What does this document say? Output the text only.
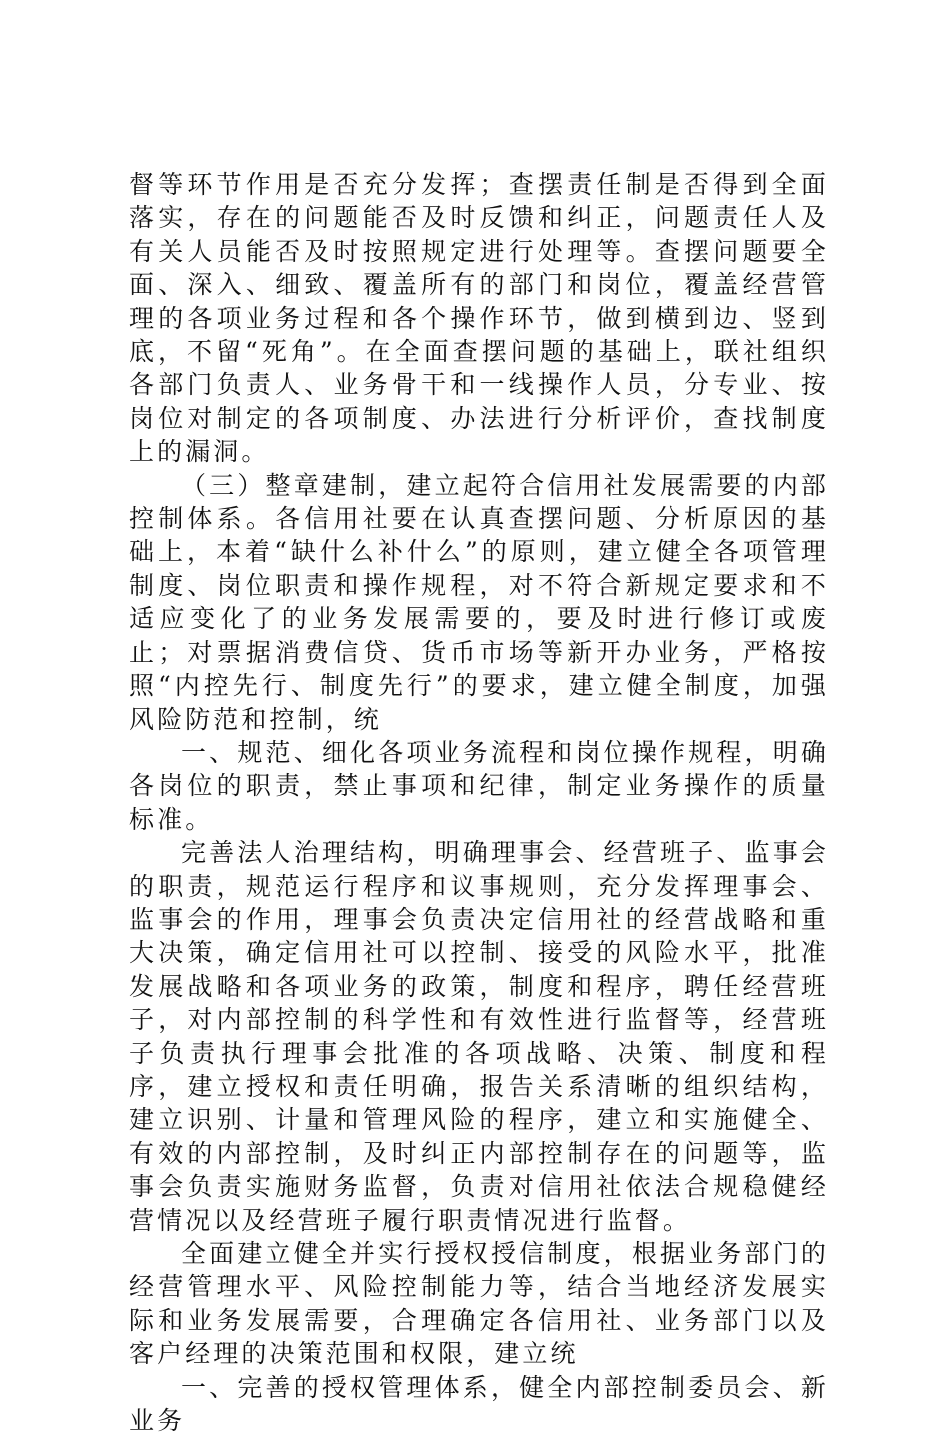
督等环节作用是否充分发挥；查摆责任制是否得到全面落实，存在的问题能否及时反馈和纠正，问题责任人及有关人员能否及时按照规定进行处理等。查摆问题要全面、深入、细致、覆盖所有的部门和岗位，覆盖经营管理的各项业务过程和各个操作环节，做到横到边、竖到底，不留“死角”。在全面查摆问题的基础上，联社组织各部门负责人、业务骨干和一线操作人员，分专业、按岗位对制定的各项制度、办法进行分析评价，查找制度上的漏洞。

（三）整章建制，建立起符合信用社发展需要的内部控制体系。各信用社要在认真查摆问题、分析原因的基础上，本着“缺什么补什么”的原则，建立健全各项管理制度、岗位职责和操作规程，对不符合新规定要求和不适应变化了的业务发展需要的，要及时进行修订或废止；对票据消费信贷、货币市场等新开办业务，严格按照“内控先行、制度先行”的要求，建立健全制度，加强风险防范和控制，统

一、规范、细化各项业务流程和岗位操作规程，明确各岗位的职责，禁止事项和纪律，制定业务操作的质量标准。

完善法人治理结构，明确理事会、经营班子、监事会的职责，规范运行程序和议事规则，充分发挥理事会、监事会的作用，理事会负责决定信用社的经营战略和重大决策，确定信用社可以控制、接受的风险水平，批准发展战略和各项业务的政策，制度和程序，聘任经营班子，对内部控制的科学性和有效性进行监督等，经营班子负责执行理事会批准的各项战略、决策、制度和程序，建立授权和责任明确，报告关系清晰的组织结构，建立识别、计量和管理风险的程序，建立和实施健全、有效的内部控制，及时纠正内部控制存在的问题等，监事会负责实施财务监督，负责对信用社依法合规稳健经营情况以及经营班子履行职责情况进行监督。

全面建立健全并实行授权授信制度，根据业务部门的经营管理水平、风险控制能力等，结合当地经济发展实际和业务发展需要，合理确定各信用社、业务部门以及客户经理的决策范围和权限，建立统

一、完善的授权管理体系，健全内部控制委员会、新业务
